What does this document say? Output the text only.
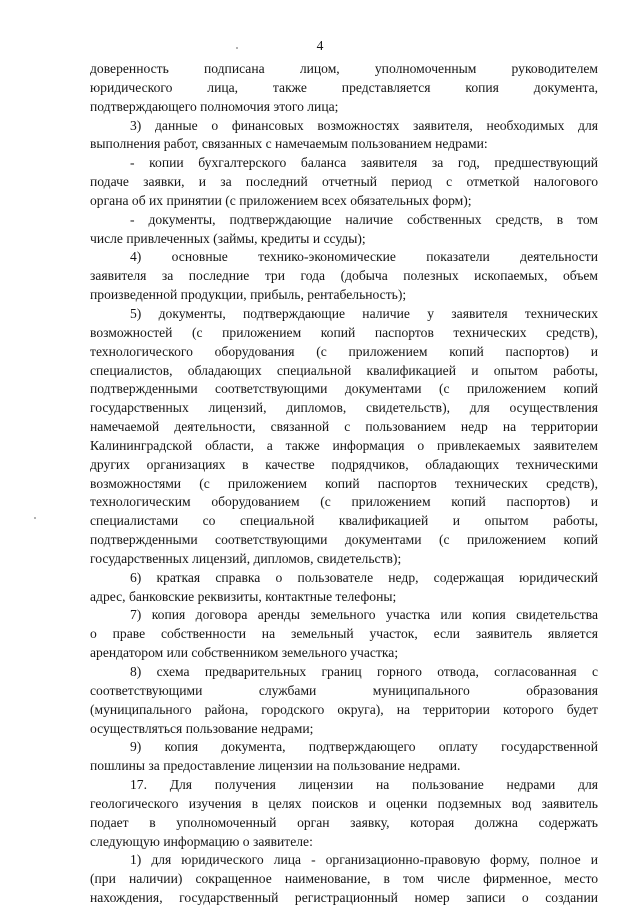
4
доверенность подписана лицом, уполномоченным руководителем
юридического лица, также представляется копия документа,
подтверждающего полномочия этого лица;
3) данные о финансовых возможностях заявителя, необходимых для
выполнения работ, связанных с намечаемым пользованием недрами:
- копии бухгалтерского баланса заявителя за год, предшествующий
подаче заявки, и за последний отчетный период с отметкой налогового
органа об их принятии (с приложением всех обязательных форм);
- документы, подтверждающие наличие собственных средств, в том
числе привлеченных (займы, кредиты и ссуды);
4) основные технико-экономические показатели деятельности
заявителя за последние три года (добыча полезных ископаемых, объем
произведенной продукции, прибыль, рентабельность);
5) документы, подтверждающие наличие у заявителя технических
возможностей (с приложением копий паспортов технических средств),
технологического оборудования (с приложением копий паспортов) и
специалистов, обладающих специальной квалификацией и опытом работы,
подтвержденными соответствующими документами (с приложением копий
государственных лицензий, дипломов, свидетельств), для осуществления
намечаемой деятельности, связанной с пользованием недр на территории
Калининградской области, а также информация о привлекаемых заявителем
других организациях в качестве подрядчиков, обладающих техническими
возможностями (с приложением копий паспортов технических средств),
технологическим оборудованием (с приложением копий паспортов) и
специалистами со специальной квалификацией и опытом работы,
подтвержденными соответствующими документами (с приложением копий
государственных лицензий, дипломов, свидетельств);
6) краткая справка о пользователе недр, содержащая юридический
адрес, банковские реквизиты, контактные телефоны;
7) копия договора аренды земельного участка или копия свидетельства
о праве собственности на земельный участок, если заявитель является
арендатором или собственником земельного участка;
8) схема предварительных границ горного отвода, согласованная с
соответствующими службами муниципального образования
(муниципального района, городского округа), на территории которого будет
осуществляться пользование недрами;
9) копия документа, подтверждающего оплату государственной
пошлины за предоставление лицензии на пользование недрами.
17. Для получения лицензии на пользование недрами для
геологического изучения в целях поисков и оценки подземных вод заявитель
подает в уполномоченный орган заявку, которая должна содержать
следующую информацию о заявителе:
1) для юридического лица - организационно-правовую форму, полное и
(при наличии) сокращенное наименование, в том числе фирменное, место
нахождения, государственный регистрационный номер записи о создании
